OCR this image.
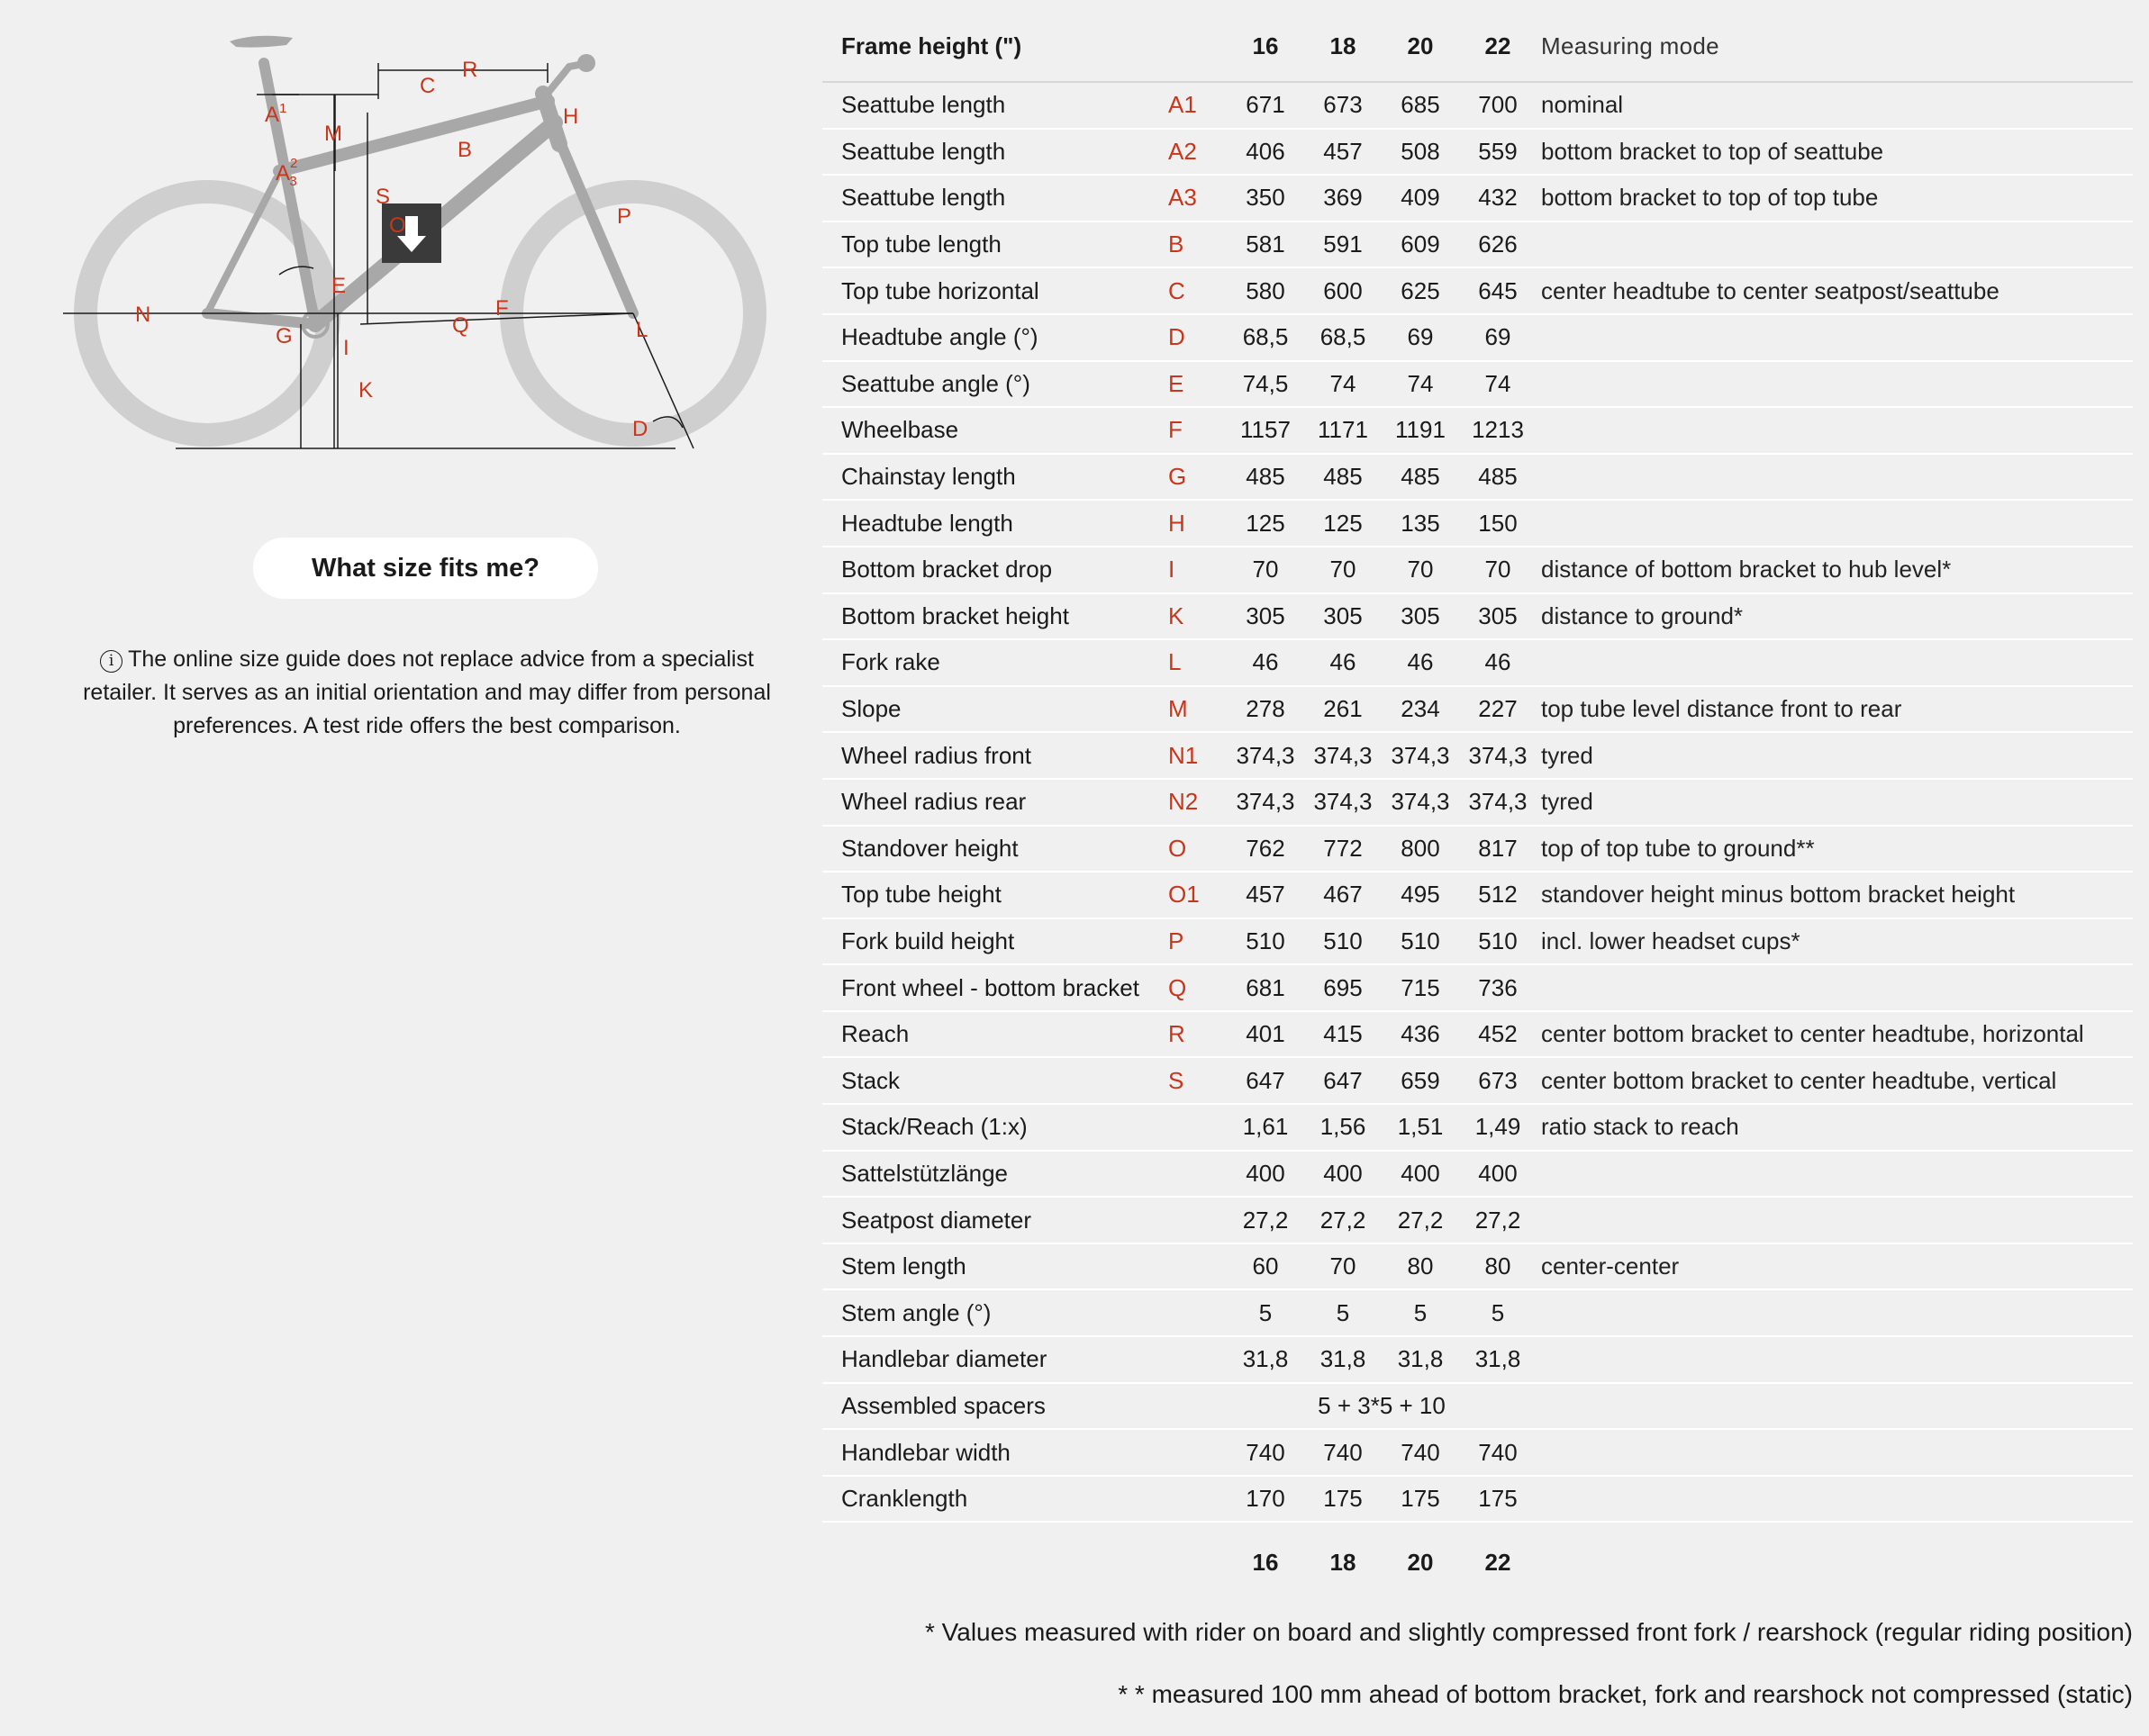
$A^1$
$A^2$ 3
M
B
C
R
H
S
O	P
E
N	F
G	Q	L
I
K
D
What size fits me?
i The online size guide does not replace advice from a specialist retailer. It serves as an initial orientation and may differ from personal preferences. A test ride offers the best comparison.
Frame height (")		16	18	20	22	Measuring mode
Seattube length	A1	671	673	685	700	nominal
Seattube length	A2	406	457	508	559	bottom bracket to top of seattube
Seattube length	A3	350	369	409	432	bottom bracket to top of top tube
Top tube length	B	581	591	609	626	
Top tube horizontal	C	580	600	625	645	center headtube to center seatpost/seattube
Headtube angle (°)	D	68,5	68,5	69	69	
Seattube angle (°)	E	74,5	74	74	74	
Wheelbase	F	1157	1171	1191	1213	
Chainstay length	G	485	485	485	485	
Headtube length	H	125	125	135	150	
Bottom bracket drop	I	70	70	70	70	distance of bottom bracket to hub level*
Bottom bracket height	K	305	305	305	305	distance to ground*
Fork rake	L	46	46	46	46	
Slope	M	278	261	234	227	top tube level distance front to rear
Wheel radius front	N1	374,3	374,3	374,3	374,3	tyred
Wheel radius rear	N2	374,3	374,3	374,3	374,3	tyred
Standover height	O	762	772	800	817	top of top tube to ground**
Top tube height	O1	457	467	495	512	standover height minus bottom bracket height
Fork build height	P	510	510	510	510	incl. lower headset cups*
Front wheel - bottom bracket	Q	681	695	715	736	
Reach	R	401	415	436	452	center bottom bracket to center headtube, horizontal
Stack	S	647	647	659	673	center bottom bracket to center headtube, vertical
Stack/Reach (1:x)		1,61	1,56	1,51	1,49	ratio stack to reach
Sattelstützlänge		400	400	400	400	
Seatpost diameter		27,2	27,2	27,2	27,2	
Stem length		60	70	80	80	center-center
Stem angle (°)		5	5	5	5	
Handlebar diameter		31,8	31,8	31,8	31,8	
Assembled spacers		5 + 3*5 + 10				
Handlebar width		740	740	740	740	
Cranklength		170	175	175	175	
		16	18	20	22	
* Values measured with rider on board and slightly compressed front fork / rearshock (regular riding position)
* * measured 100 mm ahead of bottom bracket, fork and rearshock not compressed (static)
